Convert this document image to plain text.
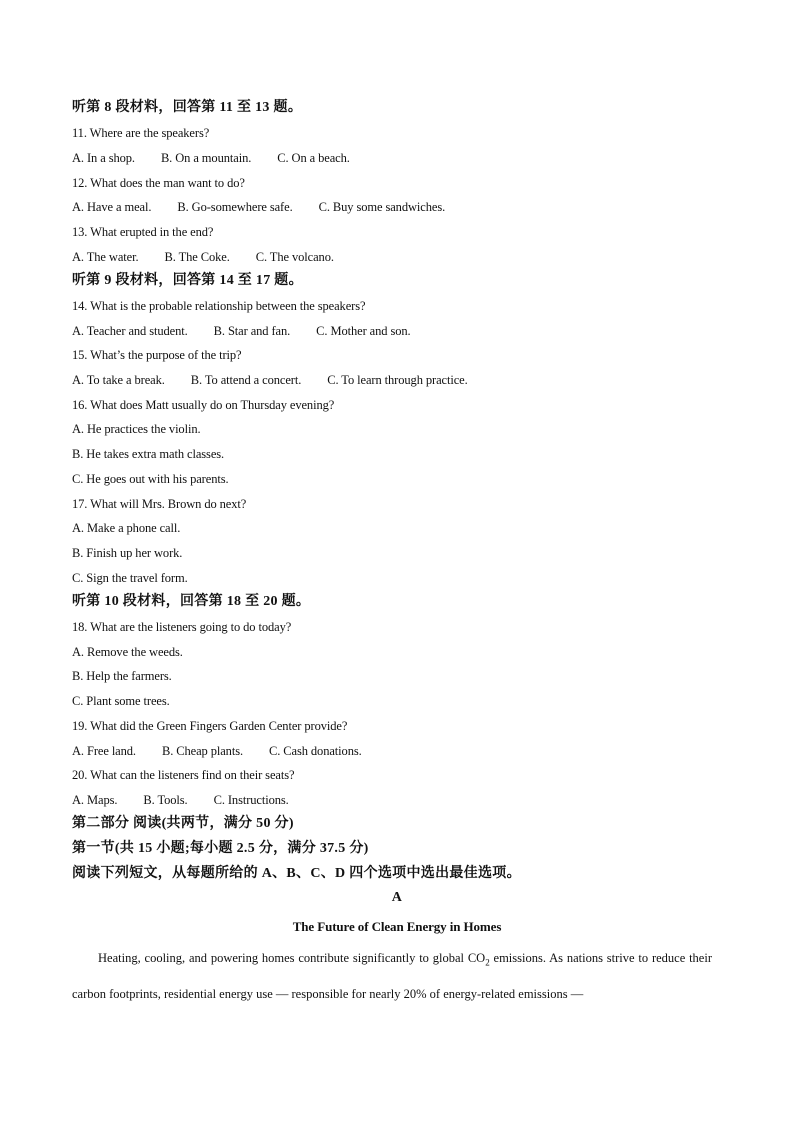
听第 8 段材料，回答第 11 至 13 题。
11. Where are the speakers?
A. In a shop. B. On a mountain. C. On a beach.
12. What does the man want to do?
A. Have a meal. B. Go-somewhere safe. C. Buy some sandwiches.
13. What erupted in the end?
A. The water. B. The Coke. C. The volcano.
听第 9 段材料，回答第 14 至 17 题。
14. What is the probable relationship between the speakers?
A. Teacher and student. B. Star and fan. C. Mother and son.
15. What’s the purpose of the trip?
A. To take a break. B. To attend a concert. C. To learn through practice.
16. What does Matt usually do on Thursday evening?
A. He practices the violin.
B. He takes extra math classes.
C. He goes out with his parents.
17. What will Mrs. Brown do next?
A. Make a phone call.
B. Finish up her work.
C. Sign the travel form.
听第 10 段材料，回答第 18 至 20 题。
18. What are the listeners going to do today?
A. Remove the weeds.
B. Help the farmers.
C. Plant some trees.
19. What did the Green Fingers Garden Center provide?
A. Free land. B. Cheap plants. C. Cash donations.
20. What can the listeners find on their seats?
A. Maps. B. Tools. C. Instructions.
第二部分 阅读(共两节，满分 50 分)
第一节(共 15 小题;每小题 2.5 分，满分 37.5 分)
阅读下列短文，从每题所给的 A、B、C、D 四个选项中选出最佳选项。
A
The Future of Clean Energy in Homes
Heating, cooling, and powering homes contribute significantly to global $CO_2$ emissions. As nations strive to reduce their carbon footprints, residential energy use — responsible for nearly 20% of energy-related emissions —
